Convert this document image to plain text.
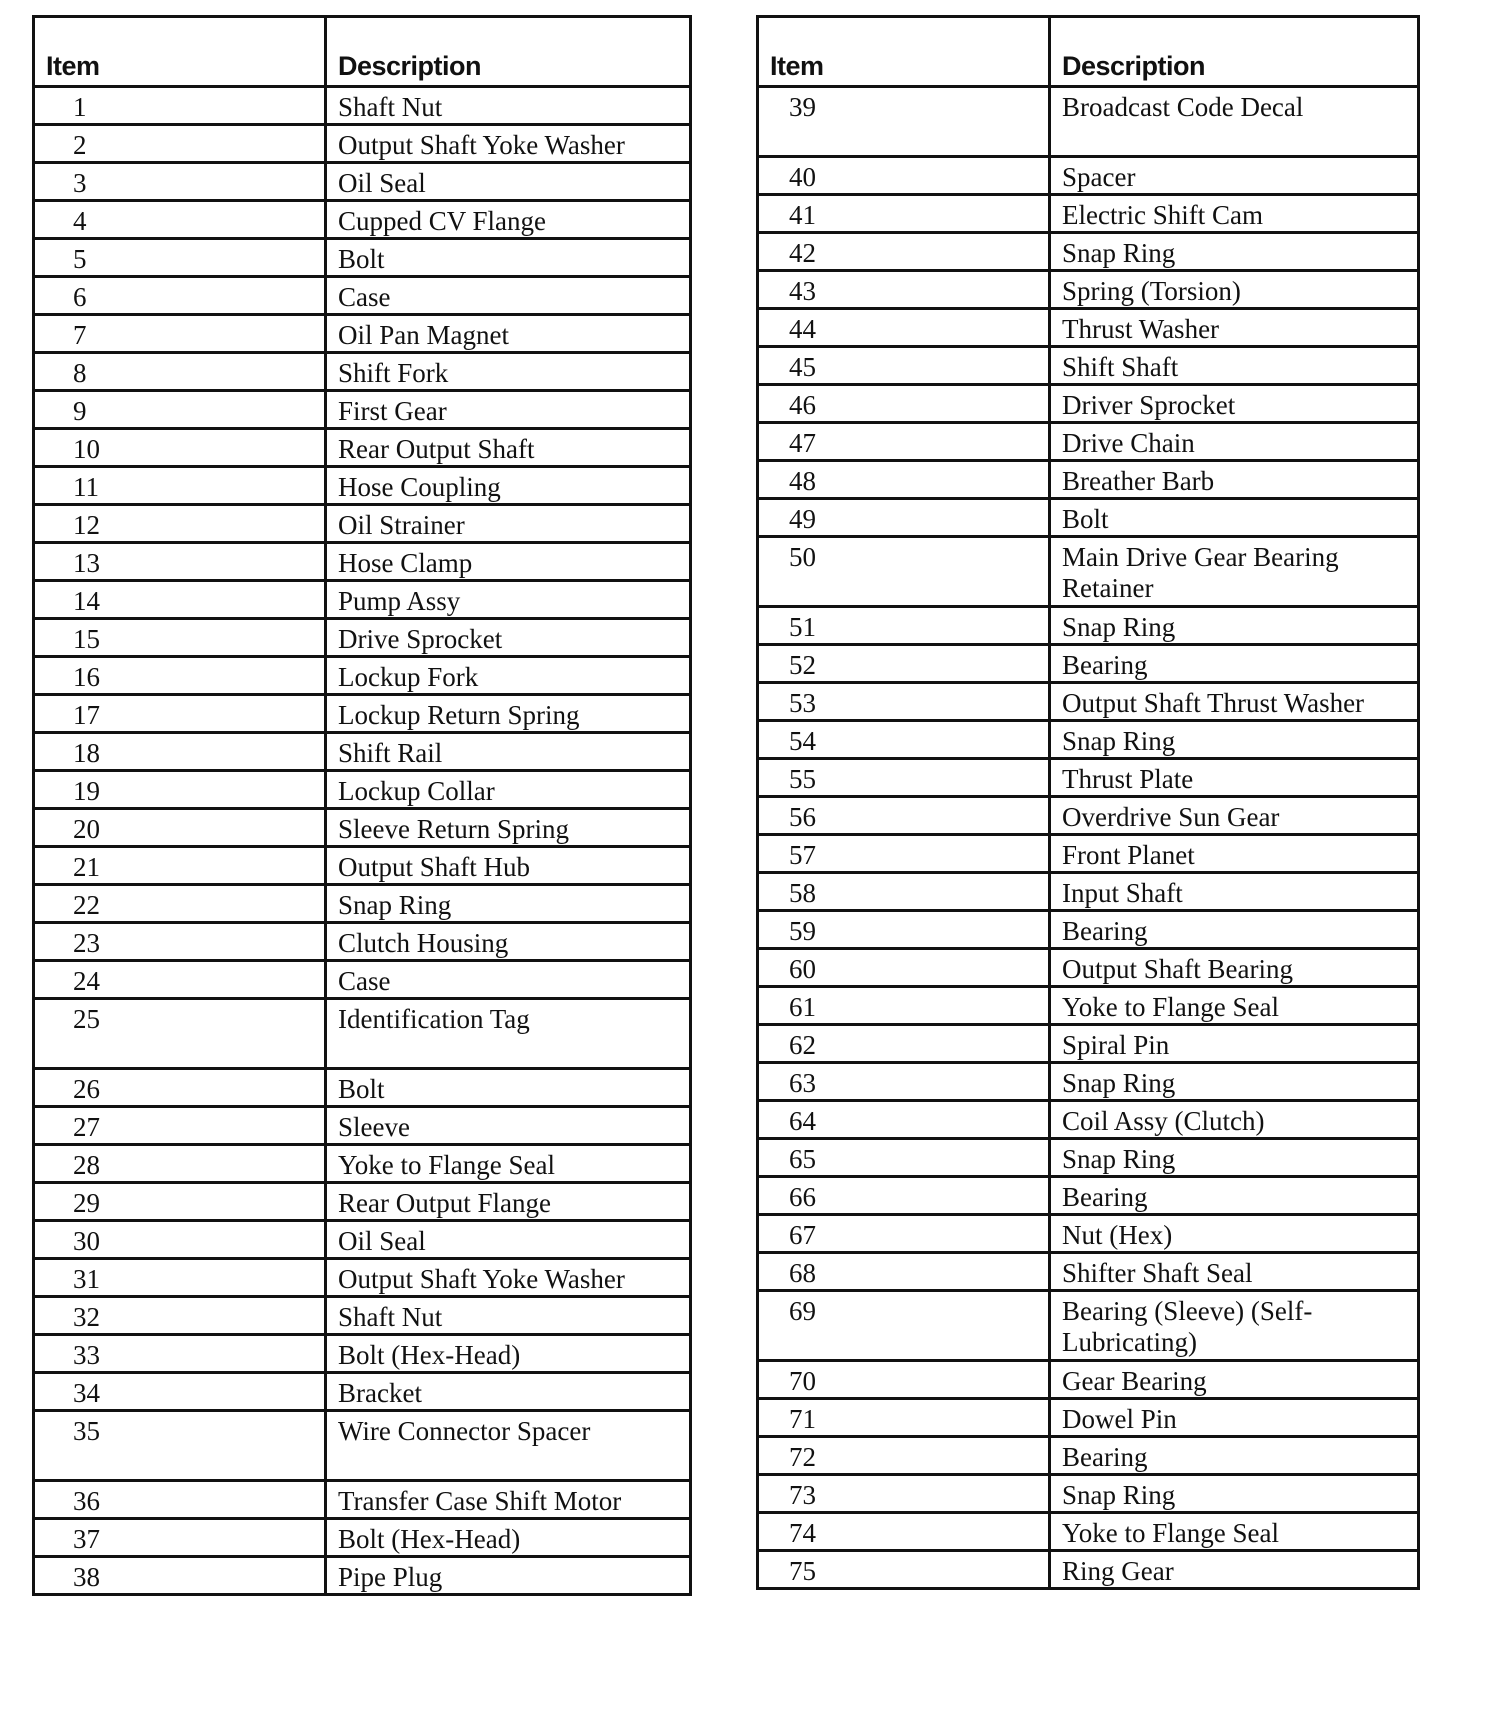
Item	Description
1	Shaft Nut
2	Output Shaft Yoke Washer
3	Oil Seal
4	Cupped CV Flange
5	Bolt
6	Case
7	Oil Pan Magnet
8	Shift Fork
9	First Gear
10	Rear Output Shaft
11	Hose Coupling
12	Oil Strainer
13	Hose Clamp
14	Pump Assy
15	Drive Sprocket
16	Lockup Fork
17	Lockup Return Spring
18	Shift Rail
19	Lockup Collar
20	Sleeve Return Spring
21	Output Shaft Hub
22	Snap Ring
23	Clutch Housing
24	Case
25	Identification Tag
26	Bolt
27	Sleeve
28	Yoke to Flange Seal
29	Rear Output Flange
30	Oil Seal
31	Output Shaft Yoke Washer
32	Shaft Nut
33	Bolt (Hex-Head)
34	Bracket
35	Wire Connector Spacer
36	Transfer Case Shift Motor
37	Bolt (Hex-Head)
38	Pipe Plug
Item	Description
39	Broadcast Code Decal
40	Spacer
41	Electric Shift Cam
42	Snap Ring
43	Spring (Torsion)
44	Thrust Washer
45	Shift Shaft
46	Driver Sprocket
47	Drive Chain
48	Breather Barb
49	Bolt
50	Main Drive Gear Bearing Retainer
51	Snap Ring
52	Bearing
53	Output Shaft Thrust Washer
54	Snap Ring
55	Thrust Plate
56	Overdrive Sun Gear
57	Front Planet
58	Input Shaft
59	Bearing
60	Output Shaft Bearing
61	Yoke to Flange Seal
62	Spiral Pin
63	Snap Ring
64	Coil Assy (Clutch)
65	Snap Ring
66	Bearing
67	Nut (Hex)
68	Shifter Shaft Seal
69	Bearing (Sleeve) (Self-Lubricating)
70	Gear Bearing
71	Dowel Pin
72	Bearing
73	Snap Ring
74	Yoke to Flange Seal
75	Ring Gear
